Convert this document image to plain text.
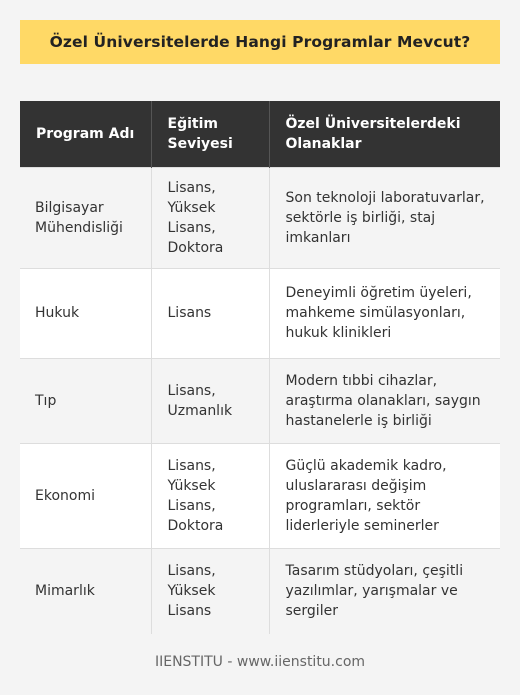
Özel Üniversitelerde Hangi Programlar Mevcut?
Program Adı	Eğitim Seviyesi	Özel Üniversitelerdeki Olanaklar
Bilgisayar Mühendisliği	Lisans, Yüksek Lisans, Doktora	Son teknoloji laboratuvarlar, sektörle iş birliği, staj imkanları
Hukuk	Lisans	Deneyimli öğretim üyeleri, mahkeme simülasyonları, hukuk klinikleri
Tıp	Lisans, Uzmanlık	Modern tıbbi cihazlar, araştırma olanakları, saygın hastanelerle iş birliği
Ekonomi	Lisans, Yüksek Lisans, Doktora	Güçlü akademik kadro, uluslararası değişim programları, sektör liderleriyle seminerler
Mimarlık	Lisans, Yüksek Lisans	Tasarım stüdyoları, çeşitli yazılımlar, yarışmalar ve sergiler
IIENSTITU - www.iienstitu.com
